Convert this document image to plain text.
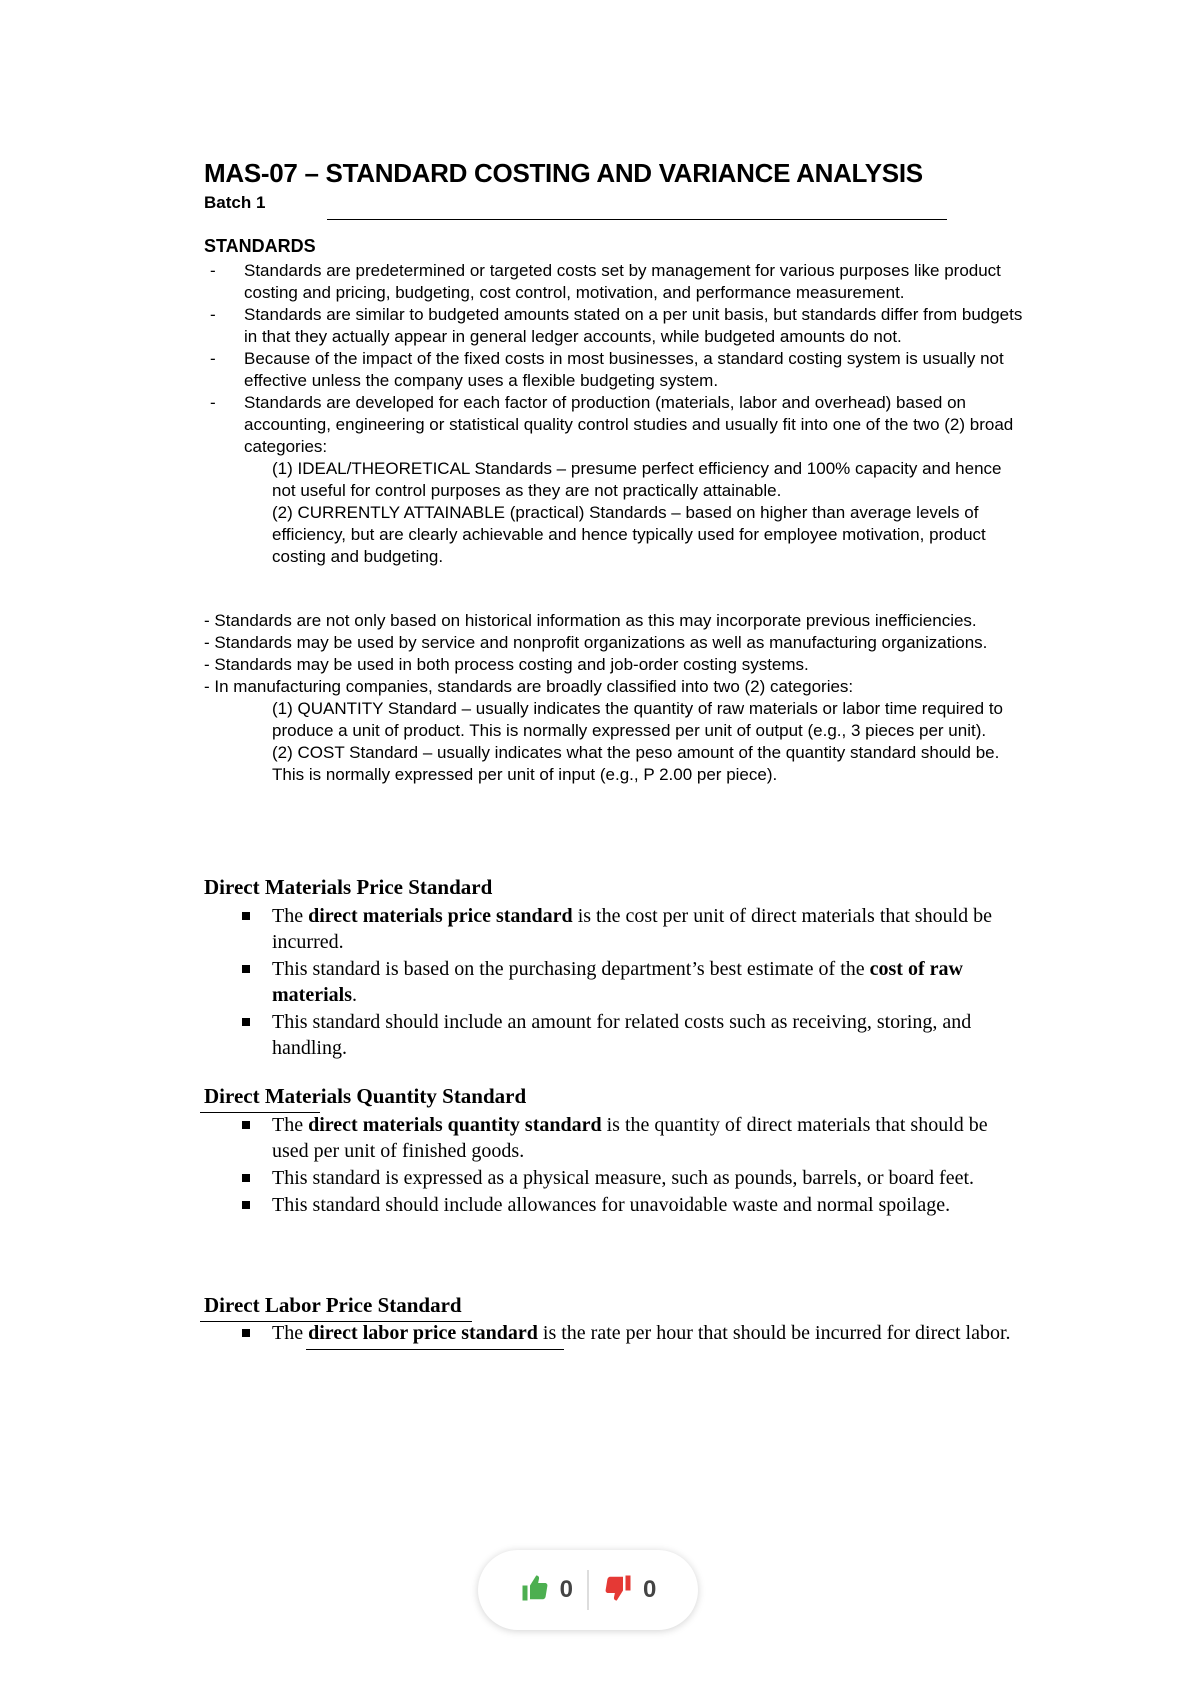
MAS-07 – STANDARD COSTING AND VARIANCE ANALYSIS
Batch 1
STANDARDS
- Standards are predetermined or targeted costs set by management for various purposes like product costing and pricing, budgeting, cost control, motivation, and performance measurement.
- Standards are similar to budgeted amounts stated on a per unit basis, but standards differ from budgets in that they actually appear in general ledger accounts, while budgeted amounts do not.
- Because of the impact of the fixed costs in most businesses, a standard costing system is usually not effective unless the company uses a flexible budgeting system.
- Standards are developed for each factor of production (materials, labor and overhead) based on accounting, engineering or statistical quality control studies and usually fit into one of the two (2) broad categories:
(1) IDEAL/THEORETICAL Standards – presume perfect efficiency and 100% capacity and hence not useful for control purposes as they are not practically attainable.
(2) CURRENTLY ATTAINABLE (practical) Standards – based on higher than average levels of efficiency, but are clearly achievable and hence typically used for employee motivation, product costing and budgeting.
- Standards are not only based on historical information as this may incorporate previous inefficiencies.
- Standards may be used by service and nonprofit organizations as well as manufacturing organizations.
- Standards may be used in both process costing and job-order costing systems.
- In manufacturing companies, standards are broadly classified into two (2) categories:
(1) QUANTITY Standard – usually indicates the quantity of raw materials or labor time required to produce a unit of product. This is normally expressed per unit of output (e.g., 3 pieces per unit).
(2) COST Standard – usually indicates what the peso amount of the quantity standard should be. This is normally expressed per unit of input (e.g., P 2.00 per piece).
Direct Materials Price Standard
The direct materials price standard is the cost per unit of direct materials that should be incurred.
This standard is based on the purchasing department’s best estimate of the cost of raw materials.
This standard should include an amount for related costs such as receiving, storing, and handling.
Direct Materials Quantity Standard
The direct materials quantity standard is the quantity of direct materials that should be used per unit of finished goods.
This standard is expressed as a physical measure, such as pounds, barrels, or board feet.
This standard should include allowances for unavoidable waste and normal spoilage.
Direct Labor Price Standard
The direct labor price standard is the rate per hour that should be incurred for direct labor.
0	0
